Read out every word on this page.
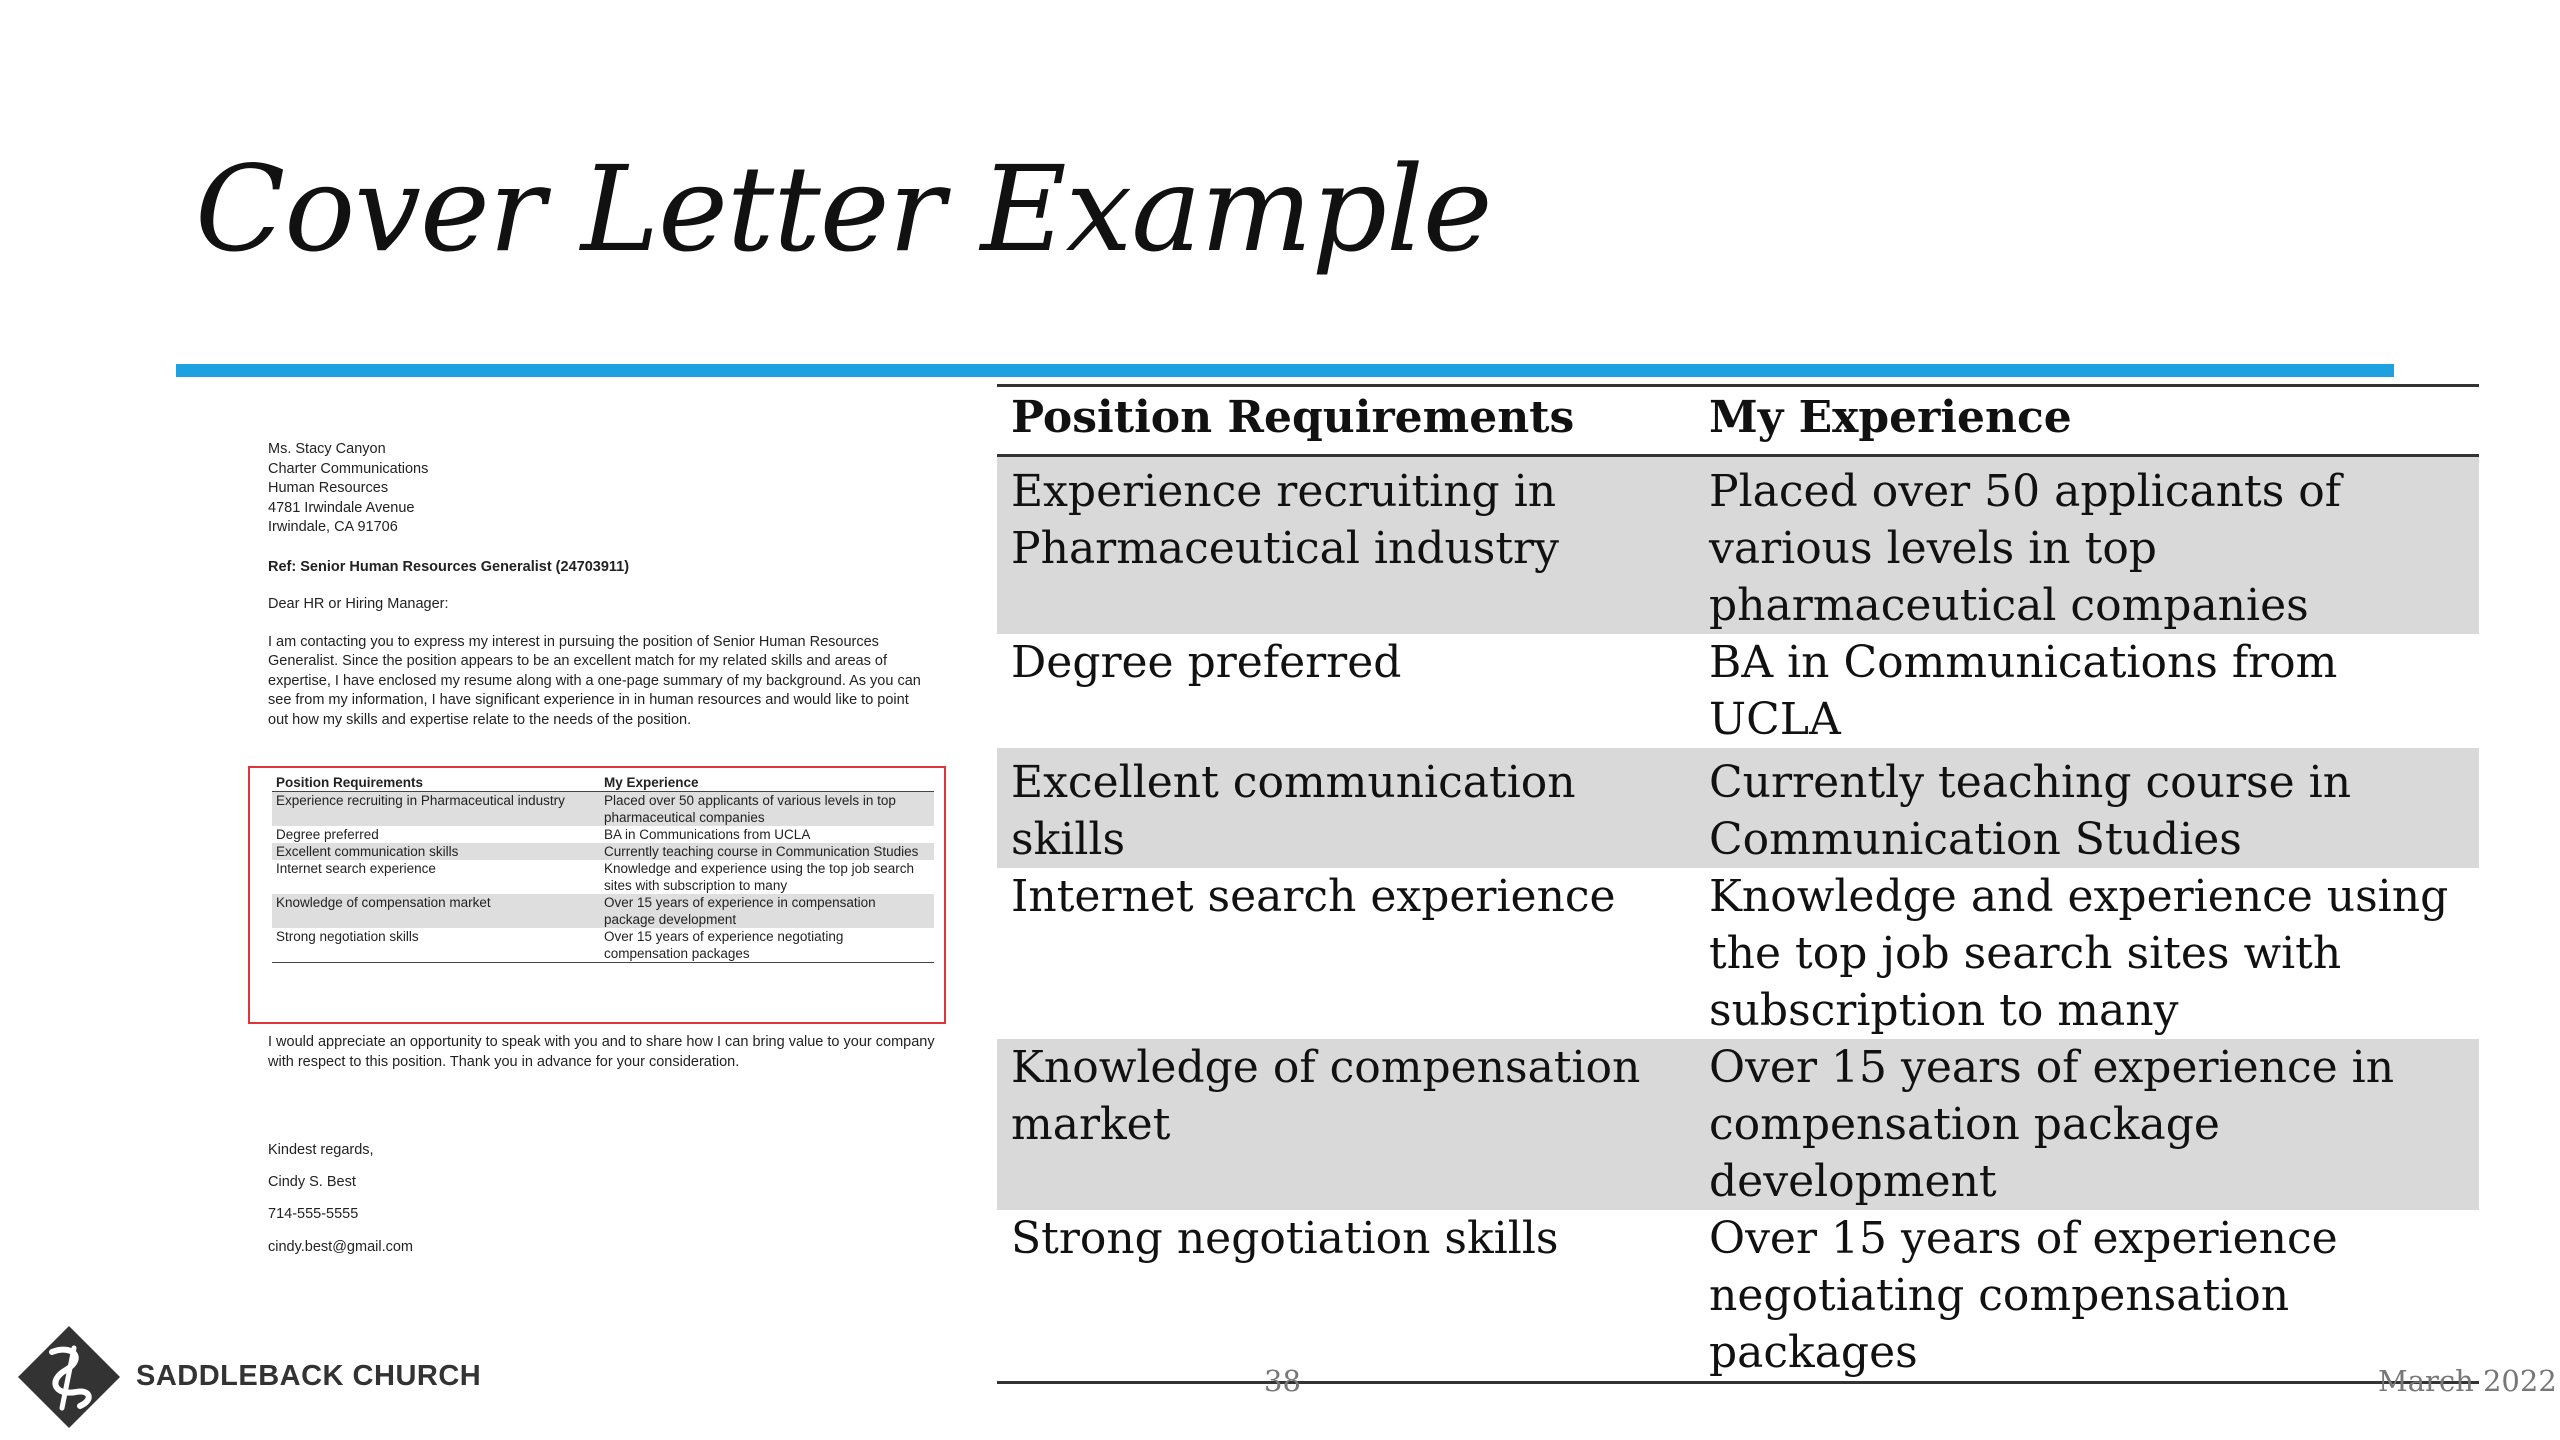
Cover Letter Example
Ms. Stacy Canyon
Charter Communications
Human Resources
4781 Irwindale Avenue
Irwindale, CA 91706
Ref: Senior Human Resources Generalist (24703911)
Dear HR or Hiring Manager:
I am contacting you to express my interest in pursuing the position of Senior Human Resources Generalist. Since the position appears to be an excellent match for my related skills and areas of expertise, I have enclosed my resume along with a one-page summary of my background. As you can see from my information, I have significant experience in in human resources and would like to point out how my skills and expertise relate to the needs of the position.
Position Requirements	My Experience
Experience recruiting in Pharmaceutical industry	Placed over 50 applicants of various levels in top pharmaceutical companies
Degree preferred	BA in Communications from UCLA
Excellent communication skills	Currently teaching course in Communication Studies
Internet search experience	Knowledge and experience using the top job search sites with subscription to many
Knowledge of compensation market	Over 15 years of experience in compensation package development
Strong negotiation skills	Over 15 years of experience negotiating compensation packages
I would appreciate an opportunity to speak with you and to share how I can bring value to your company with respect to this position. Thank you in advance for your consideration.
Kindest regards,
Cindy S. Best
714-555-5555
cindy.best@gmail.com
Position Requirements	My Experience
Experience recruiting in Pharmaceutical industry	Placed over 50 applicants of various levels in top pharmaceutical companies
Degree preferred	BA in Communications from UCLA
Excellent communication skills	Currently teaching course in Communication Studies
Internet search experience	Knowledge and experience using the top job search sites with subscription to many
Knowledge of compensation market	Over 15 years of experience in compensation package development
Strong negotiation skills	Over 15 years of experience negotiating compensation packages
SADDLEBACK CHURCH	38	March 2022
